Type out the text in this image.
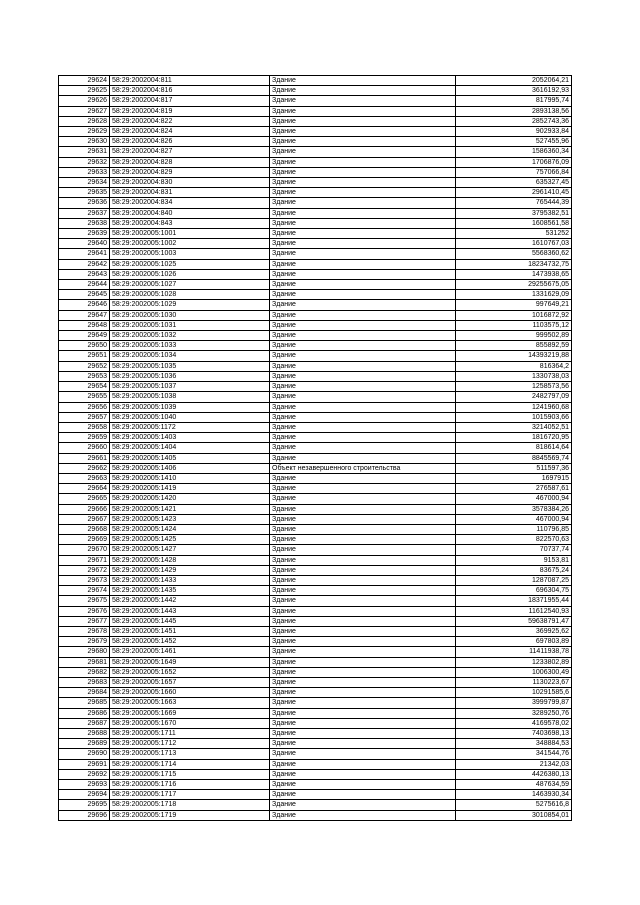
29624	58:29:2002004:811	Здание	2052064,21
29625	58:29:2002004:816	Здание	3616192,93
29626	58:29:2002004:817	Здание	817995,74
29627	58:29:2002004:819	Здание	2893138,56
29628	58:29:2002004:822	Здание	2852743,36
29629	58:29:2002004:824	Здание	902933,84
29630	58:29:2002004:826	Здание	527455,96
29631	58:29:2002004:827	Здание	1586360,34
29632	58:29:2002004:828	Здание	1706876,09
29633	58:29:2002004:829	Здание	757066,84
29634	58:29:2002004:830	Здание	635327,45
29635	58:29:2002004:831	Здание	2961410,45
29636	58:29:2002004:834	Здание	765444,39
29637	58:29:2002004:840	Здание	3795382,51
29638	58:29:2002004:843	Здание	1608561,58
29639	58:29:2002005:1001	Здание	531252
29640	58:29:2002005:1002	Здание	1610767,03
29641	58:29:2002005:1003	Здание	5568360,62
29642	58:29:2002005:1025	Здание	18234732,75
29643	58:29:2002005:1026	Здание	1473938,65
29644	58:29:2002005:1027	Здание	29255675,05
29645	58:29:2002005:1028	Здание	1331629,09
29646	58:29:2002005:1029	Здание	997649,21
29647	58:29:2002005:1030	Здание	1016872,92
29648	58:29:2002005:1031	Здание	1103575,12
29649	58:29:2002005:1032	Здание	999502,89
29650	58:29:2002005:1033	Здание	855892,59
29651	58:29:2002005:1034	Здание	14393219,88
29652	58:29:2002005:1035	Здание	816364,2
29653	58:29:2002005:1036	Здание	1330738,03
29654	58:29:2002005:1037	Здание	1258573,56
29655	58:29:2002005:1038	Здание	2482797,09
29656	58:29:2002005:1039	Здание	1241960,68
29657	58:29:2002005:1040	Здание	1015903,66
29658	58:29:2002005:1172	Здание	3214052,51
29659	58:29:2002005:1403	Здание	1816720,95
29660	58:29:2002005:1404	Здание	818614,64
29661	58:29:2002005:1405	Здание	8845569,74
29662	58:29:2002005:1406	Объект незавершенного строительства	511597,36
29663	58:29:2002005:1410	Здание	1697915
29664	58:29:2002005:1419	Здание	276587,61
29665	58:29:2002005:1420	Здание	467000,94
29666	58:29:2002005:1421	Здание	3578384,26
29667	58:29:2002005:1423	Здание	467000,94
29668	58:29:2002005:1424	Здание	110796,85
29669	58:29:2002005:1425	Здание	822570,63
29670	58:29:2002005:1427	Здание	70737,74
29671	58:29:2002005:1428	Здание	9153,81
29672	58:29:2002005:1429	Здание	83675,24
29673	58:29:2002005:1433	Здание	1287087,25
29674	58:29:2002005:1435	Здание	696304,75
29675	58:29:2002005:1442	Здание	18371955,44
29676	58:29:2002005:1443	Здание	11612540,93
29677	58:29:2002005:1445	Здание	59638791,47
29678	58:29:2002005:1451	Здание	369925,62
29679	58:29:2002005:1452	Здание	697803,89
29680	58:29:2002005:1461	Здание	11411938,78
29681	58:29:2002005:1649	Здание	1233802,89
29682	58:29:2002005:1652	Здание	1006300,49
29683	58:29:2002005:1657	Здание	1130223,67
29684	58:29:2002005:1660	Здание	10291585,6
29685	58:29:2002005:1663	Здание	3999799,87
29686	58:29:2002005:1669	Здание	3289250,76
29687	58:29:2002005:1670	Здание	4169578,02
29688	58:29:2002005:1711	Здание	7403698,13
29689	58:29:2002005:1712	Здание	348884,53
29690	58:29:2002005:1713	Здание	341544,76
29691	58:29:2002005:1714	Здание	21342,03
29692	58:29:2002005:1715	Здание	4426380,13
29693	58:29:2002005:1716	Здание	487634,59
29694	58:29:2002005:1717	Здание	1463930,34
29695	58:29:2002005:1718	Здание	5275616,8
29696	58:29:2002005:1719	Здание	3010854,01
